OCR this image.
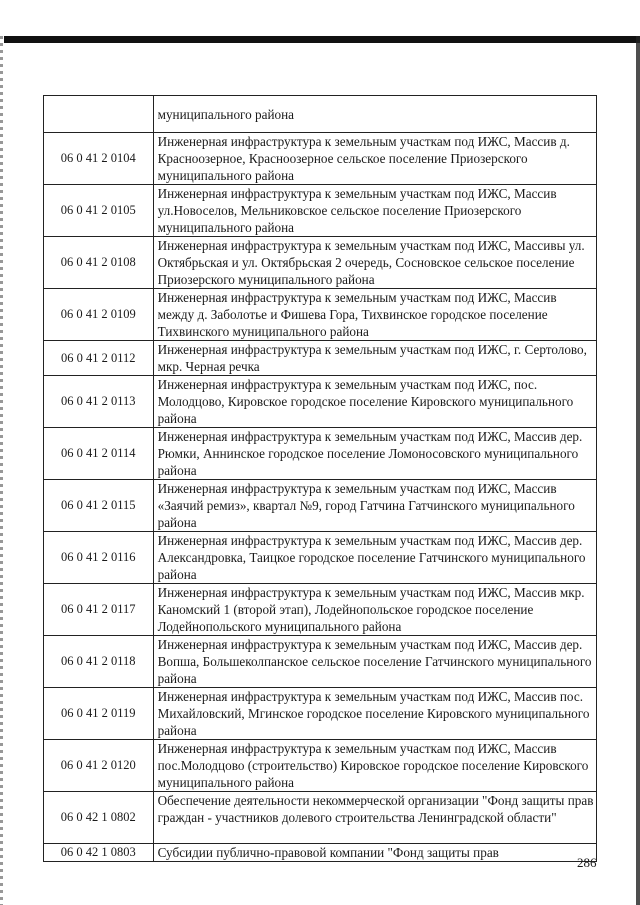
	муниципального района
06 0 41 2 0104	Инженерная инфраструктура к земельным участкам под ИЖС, Массив д. Красноозерное, Красноозерное сельское поселение Приозерского муниципального района
06 0 41 2 0105	Инженерная инфраструктура к земельным участкам под ИЖС, Массив ул.Новоселов, Мельниковское сельское поселение Приозерского муниципального района
06 0 41 2 0108	Инженерная инфраструктура к земельным участкам под ИЖС, Массивы ул. Октябрьская и ул. Октябрьская 2 очередь, Сосновское сельское поселение Приозерского муниципального района
06 0 41 2 0109	Инженерная инфраструктура к земельным участкам под ИЖС, Массив между д. Заболотье и Фишева Гора, Тихвинское городское поселение Тихвинского муниципального района
06 0 41 2 0112	Инженерная инфраструктура к земельным участкам под ИЖС, г. Сертолово, мкр. Черная речка
06 0 41 2 0113	Инженерная инфраструктура к земельным участкам под ИЖС, пос. Молодцово, Кировское городское поселение Кировского муниципального района
06 0 41 2 0114	Инженерная инфраструктура к земельным участкам под ИЖС, Массив дер. Рюмки, Аннинское городское поселение Ломоносовского муниципального района
06 0 41 2 0115	Инженерная инфраструктура к земельным участкам под ИЖС, Массив «Заячий ремиз», квартал №9, город Гатчина Гатчинского муниципального района
06 0 41 2 0116	Инженерная инфраструктура к земельным участкам под ИЖС, Массив дер. Александровка, Таицкое городское поселение Гатчинского муниципального района
06 0 41 2 0117	Инженерная инфраструктура к земельным участкам под ИЖС, Массив мкр. Каномский 1 (второй этап), Лодейнопольское городское поселение Лодейнопольского муниципального района
06 0 41 2 0118	Инженерная инфраструктура к земельным участкам под ИЖС, Массив дер. Вопша, Большеколпанское сельское поселение Гатчинского муниципального района
06 0 41 2 0119	Инженерная инфраструктура к земельным участкам под ИЖС, Массив пос. Михайловский, Мгинское городское поселение Кировского муниципального района
06 0 41 2 0120	Инженерная инфраструктура к земельным участкам под ИЖС, Массив пос.Молодцово (строительство) Кировское городское поселение Кировского муниципального района
06 0 42 1 0802	Обеспечение деятельности некоммерческой организации "Фонд защиты прав граждан - участников долевого строительства Ленинградской области"
06 0 42 1 0803	Субсидии публично-правовой компании "Фонд защиты прав
286
